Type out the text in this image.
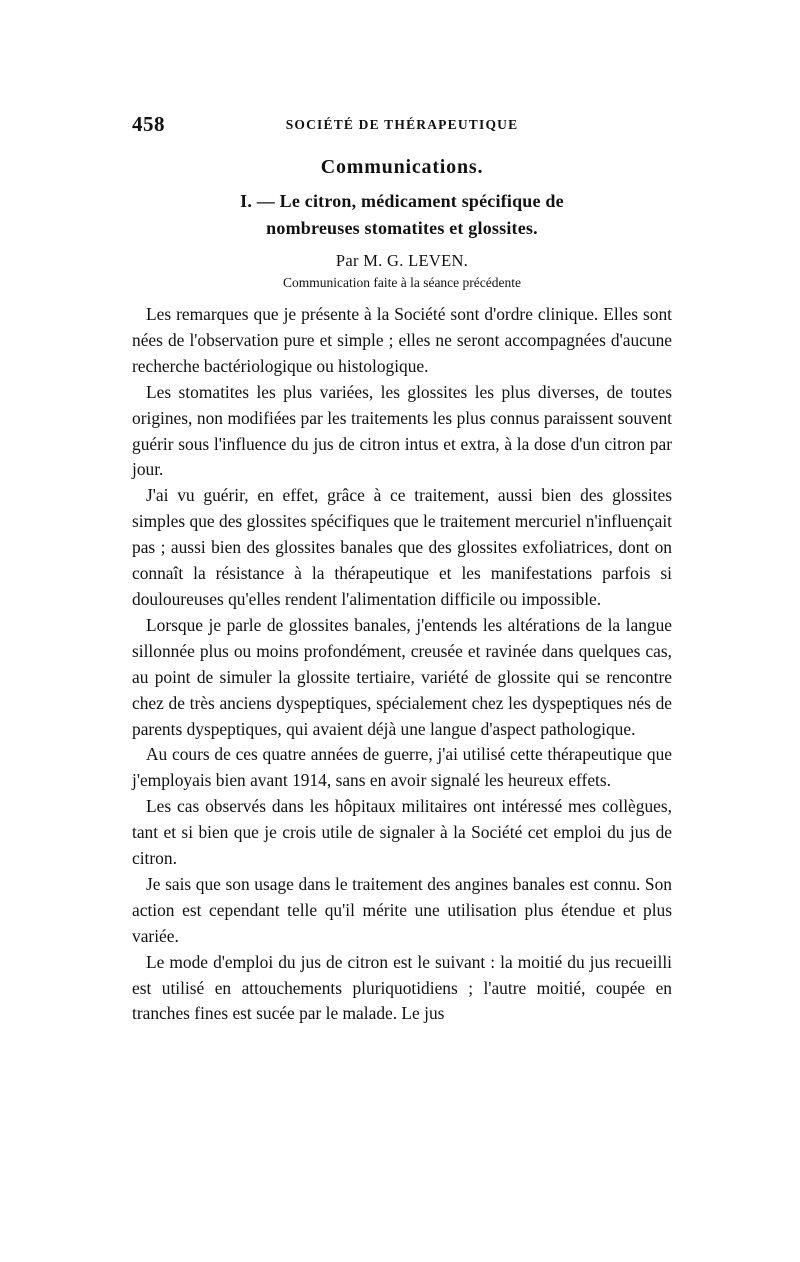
458	SOCIÉTÉ DE THÉRAPEUTIQUE
Communications.
I. — Le citron, médicament spécifique de
nombreuses stomatites et glossites.
Par M. G. LEVEN.
Communication faite à la séance précédente

Les remarques que je présente à la Société sont d'ordre clinique. Elles sont nées de l'observation pure et simple ; elles ne seront accompagnées d'aucune recherche bactériologique ou histologique.

Les stomatites les plus variées, les glossites les plus diverses, de toutes origines, non modifiées par les traitements les plus connus paraissent souvent guérir sous l'influence du jus de citron intus et extra, à la dose d'un citron par jour.

J'ai vu guérir, en effet, grâce à ce traitement, aussi bien des glossites simples que des glossites spécifiques que le traitement mercuriel n'influençait pas ; aussi bien des glossites banales que des glossites exfoliatrices, dont on connaît la résistance à la thérapeutique et les manifestations parfois si douloureuses qu'elles rendent l'alimentation difficile ou impossible.

Lorsque je parle de glossites banales, j'entends les altérations de la langue sillonnée plus ou moins profondément, creusée et ravinée dans quelques cas, au point de simuler la glossite tertiaire, variété de glossite qui se rencontre chez de très anciens dyspeptiques, spécialement chez les dyspeptiques nés de parents dyspeptiques, qui avaient déjà une langue d'aspect pathologique.

Au cours de ces quatre années de guerre, j'ai utilisé cette thérapeutique que j'employais bien avant 1914, sans en avoir signalé les heureux effets.

Les cas observés dans les hôpitaux militaires ont intéressé mes collègues, tant et si bien que je crois utile de signaler à la Société cet emploi du jus de citron.

Je sais que son usage dans le traitement des angines banales est connu. Son action est cependant telle qu'il mérite une utilisation plus étendue et plus variée.

Le mode d'emploi du jus de citron est le suivant : la moitié du jus recueilli est utilisé en attouchements pluriquotidiens ; l'autre moitié, coupée en tranches fines est sucée par le malade. Le jus
